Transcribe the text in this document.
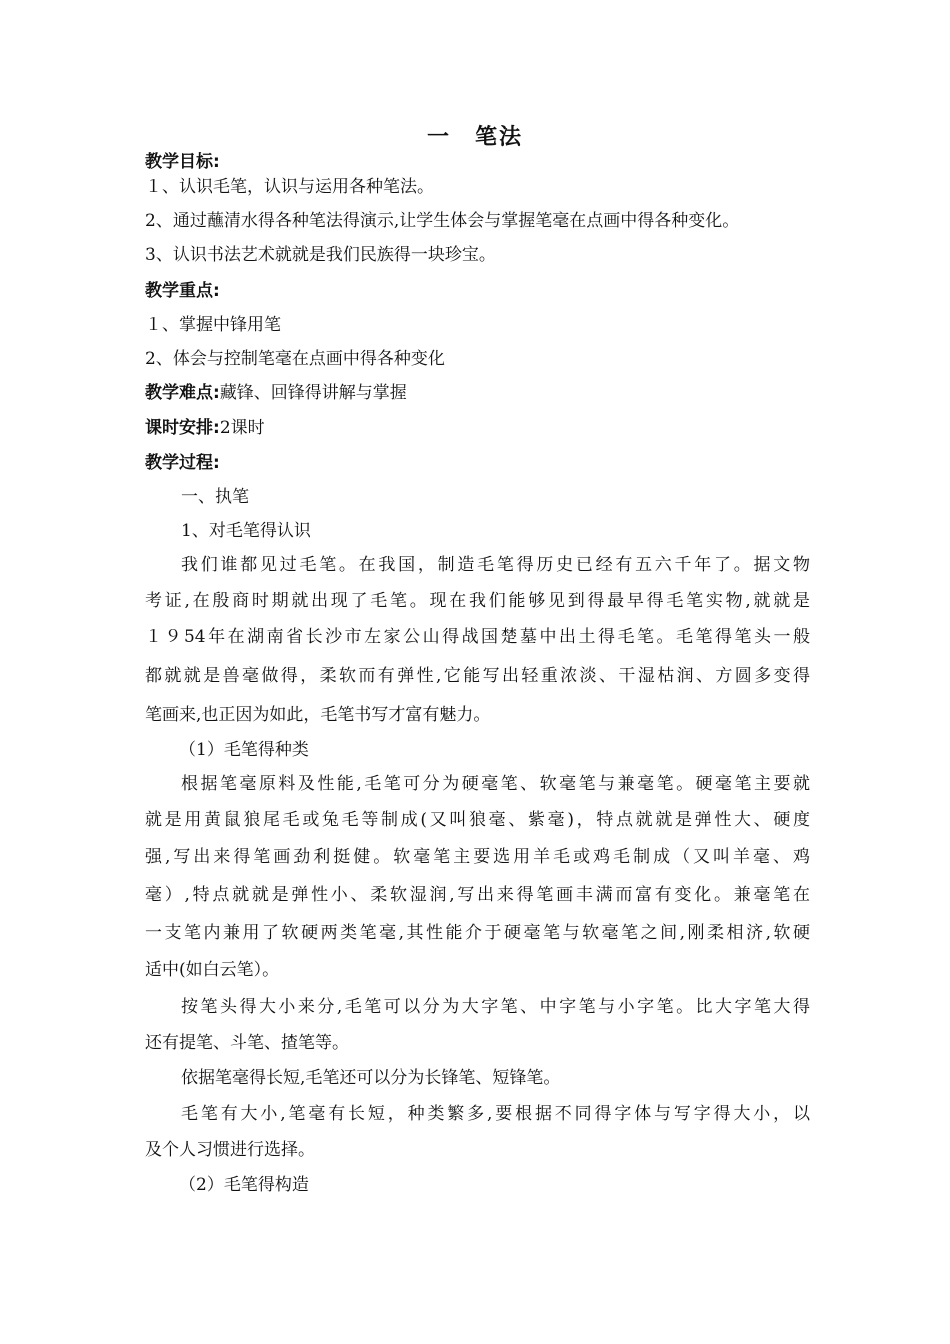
一　笔法
教学目标:
１、认识毛笔，认识与运用各种笔法。
2、通过蘸清水得各种笔法得演示,让学生体会与掌握笔毫在点画中得各种变化。
3、认识书法艺术就就是我们民族得一块珍宝。
教学重点:
１、掌握中锋用笔
2、体会与控制笔毫在点画中得各种变化
教学难点:藏锋、回锋得讲解与掌握
课时安排:2课时
教学过程:
一、执笔
1、对毛笔得认识
我们谁都见过毛笔。在我国，制造毛笔得历史已经有五六千年了。据文物
考证,在殷商时期就出现了毛笔。现在我们能够见到得最早得毛笔实物,就就是
１９54年在湖南省长沙市左家公山得战国楚墓中出土得毛笔。毛笔得笔头一般
都就就是兽毫做得，柔软而有弹性,它能写出轻重浓淡、干湿枯润、方圆多变得
笔画来,也正因为如此，毛笔书写才富有魅力。
（1）毛笔得种类
根据笔毫原料及性能,毛笔可分为硬毫笔、软毫笔与兼毫笔。硬毫笔主要就
就是用黄鼠狼尾毛或兔毛等制成(又叫狼毫、紫毫)，特点就就是弹性大、硬度
强,写出来得笔画劲利挺健。软毫笔主要选用羊毛或鸡毛制成（又叫羊毫、鸡
毫）,特点就就是弹性小、柔软湿润,写出来得笔画丰满而富有变化。兼毫笔在
一支笔内兼用了软硬两类笔毫,其性能介于硬毫笔与软毫笔之间,刚柔相济,软硬
适中(如白云笔）。
按笔头得大小来分,毛笔可以分为大字笔、中字笔与小字笔。比大字笔大得
还有提笔、斗笔、揸笔等。
依据笔毫得长短,毛笔还可以分为长锋笔、短锋笔。
毛笔有大小,笔毫有长短，种类繁多,要根据不同得字体与写字得大小，以
及个人习惯进行选择。
（2）毛笔得构造
